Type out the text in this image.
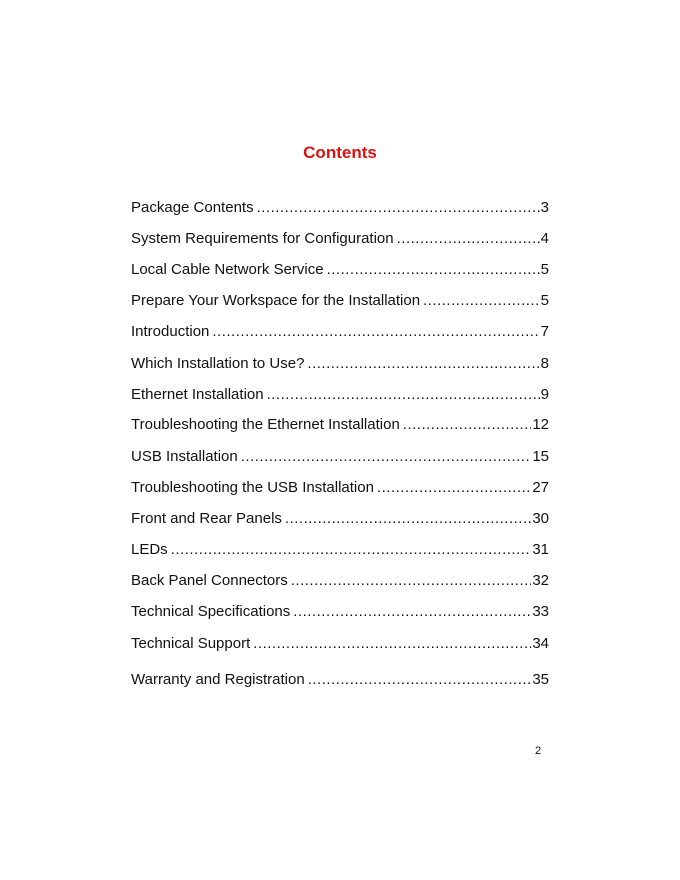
Contents
Package Contents .....	3
System Requirements for Configuration .....	4
Local Cable Network Service .....	5
Prepare Your Workspace for the Installation .....	5
Introduction .....	7
Which Installation to Use? .....	8
Ethernet Installation .....	9
Troubleshooting the Ethernet Installation .....	12
USB Installation .....	15
Troubleshooting the USB Installation .....	27
Front and Rear Panels .....	30
LEDs .....	31
Back Panel Connectors .....	32
Technical Specifications .....	33
Technical Support .....	34
Warranty and Registration .....	35
2
